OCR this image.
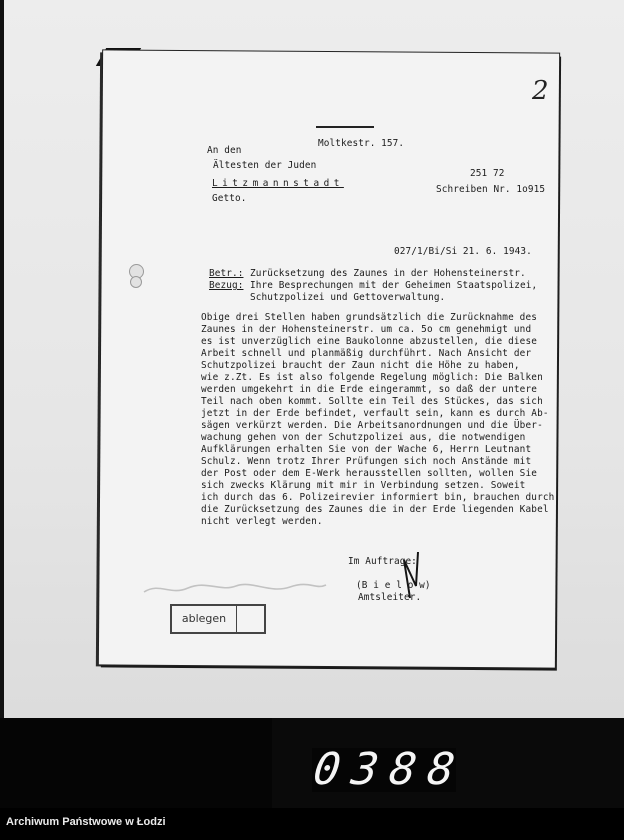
2
Moltkestr. 157.
An den
Ältesten der Juden
Litzmannstadt
Getto.
251 72
Schreiben Nr. 1o915
027/1/Bi/Si 21. 6. 1943.
Betr.: Zurücksetzung des Zaunes in der Hohensteinerstr.
Bezug: Ihre Besprechungen mit der Geheimen Staatspolizei,
Schutzpolizei und Gettoverwaltung.
Obige drei Stellen haben grundsätzlich die Zurücknahme des
Zaunes in der Hohensteinerstr. um ca. 5o cm genehmigt und
es ist unverzüglich eine Baukolonne abzustellen, die diese
Arbeit schnell und planmäßig durchführt. Nach Ansicht der
Schutzpolizei braucht der Zaun nicht die Höhe zu haben,
wie z.Zt. Es ist also folgende Regelung möglich: Die Balken
werden umgekehrt in die Erde eingerammt, so daß der untere
Teil nach oben kommt. Sollte ein Teil des Stückes, das sich
jetzt in der Erde befindet, verfault sein, kann es durch Ab-
sägen verkürzt werden. Die Arbeitsanordnungen und die Über-
wachung gehen von der Schutzpolizei aus, die notwendigen
Aufklärungen erhalten Sie von der Wache 6, Herrn Leutnant
Schulz. Wenn trotz Ihrer Prüfungen sich noch Anstände mit
der Post oder dem E-Werk herausstellen sollten, wollen Sie
sich zwecks Klärung mit mir in Verbindung setzen. Soweit
ich durch das 6. Polizeirevier informiert bin, brauchen durch
die Zurücksetzung des Zaunes die in der Erde liegenden Kabel
nicht verlegt werden.
Im Auftrage:
(B i e l o w)
Amtsleiter.
ablegen
0 3 8 8
Archiwum Państwowe w Łodzi
